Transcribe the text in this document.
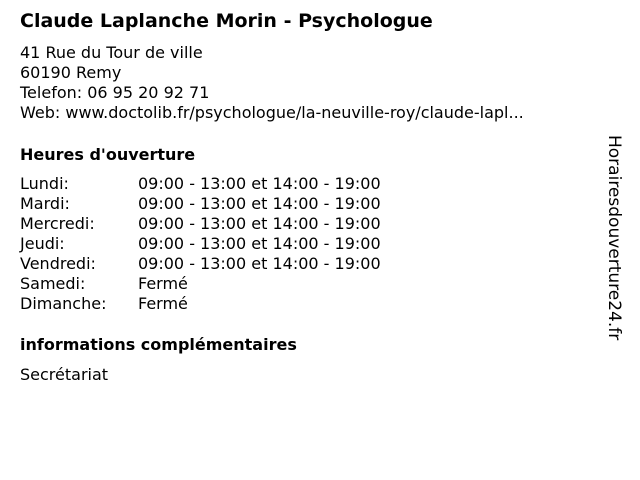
Claude Laplanche Morin - Psychologue
41 Rue du Tour de ville
60190 Remy
Telefon: 06 95 20 92 71
Web: www.doctolib.fr/psychologue/la-neuville-roy/claude-lapl...
Heures d'ouverture
Lundi:	09:00 - 13:00 et 14:00 - 19:00
Mardi:	09:00 - 13:00 et 14:00 - 19:00
Mercredi:	09:00 - 13:00 et 14:00 - 19:00
Jeudi:	09:00 - 13:00 et 14:00 - 19:00
Vendredi:	09:00 - 13:00 et 14:00 - 19:00
Samedi:	Fermé
Dimanche:	Fermé
informations complémentaires
Secrétariat
Horairesdouverture24.fr
